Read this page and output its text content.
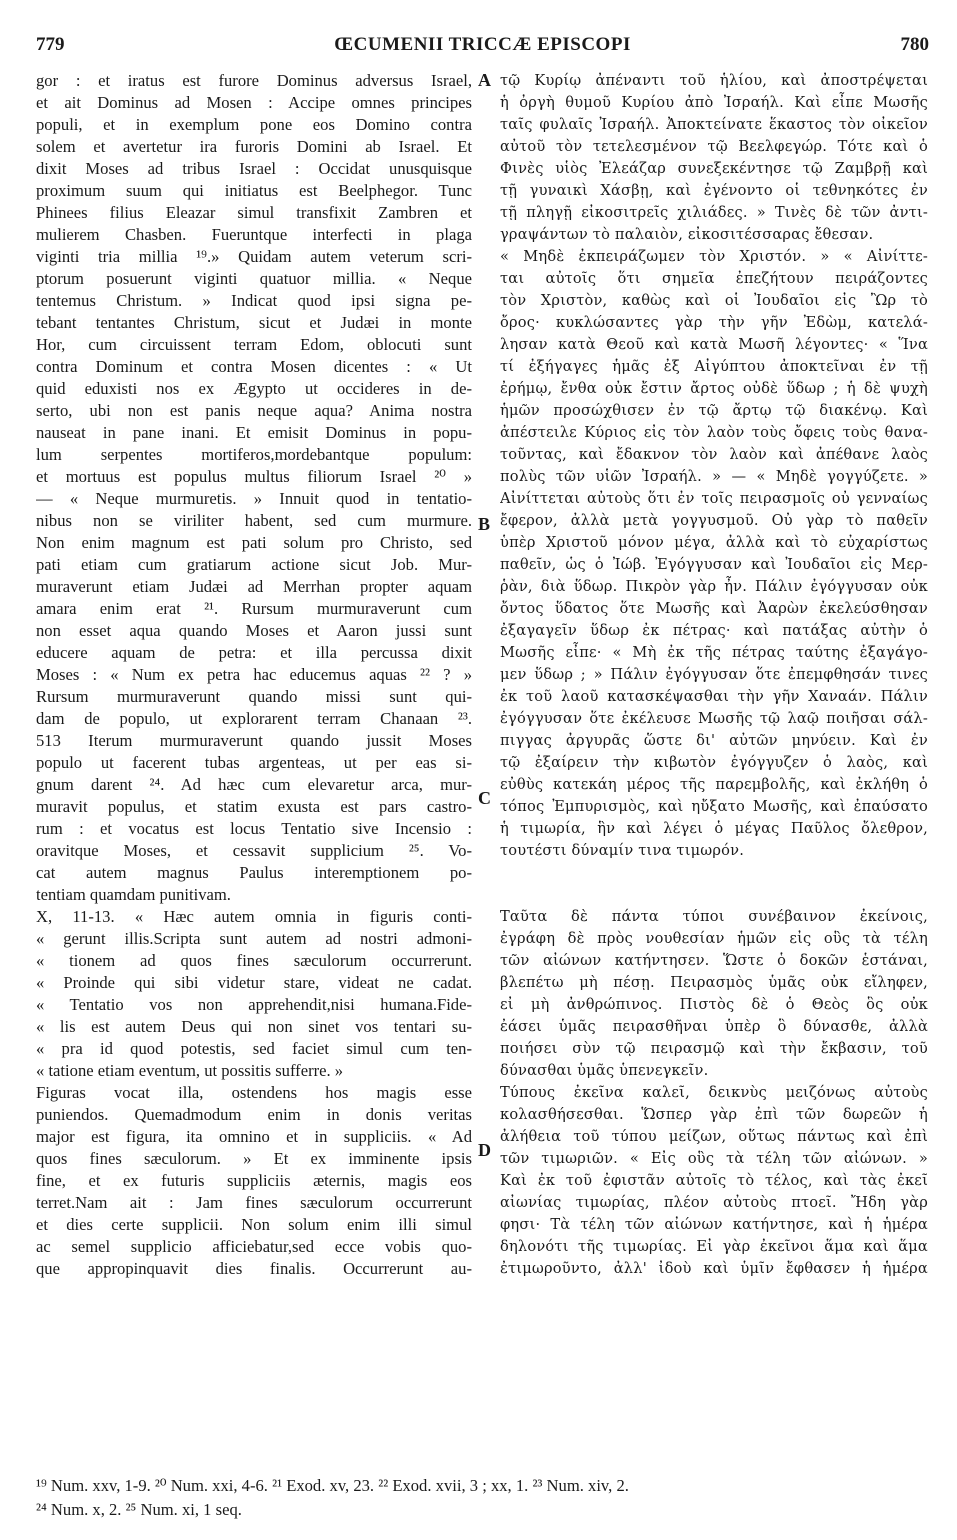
779	ŒCUMENII TRICCÆ EPISCOPI	780
gor : et iratus est furore Dominus adversus Israel,
et ait Dominus ad Mosen : Accipe omnes principes
populi, et in exemplum pone eos Domino contra
solem et avertetur ira furoris Domini ab Israel. Et
dixit Moses ad tribus Israel : Occidat unusquisque
proximum suum qui initiatus est Beelphegor. Tunc
Phinees filius Eleazar simul transfixit Zambren et
mulierem Chasben. Fueruntque interfecti in plaga
viginti tria millia ¹⁹.» Quidam autem veterum scri-
ptorum posuerunt viginti quatuor millia. « Neque
tentemus Christum. » Indicat quod ipsi signa pe-
tebant tentantes Christum, sicut et Judæi in monte
Hor, cum circuissent terram Edom, oblocuti sunt
contra Dominum et contra Mosen dicentes : « Ut
quid eduxisti nos ex Ægypto ut occideres in de-
serto, ubi non est panis neque aqua? Anima nostra
nauseat in pane inani. Et emisit Dominus in popu-
lum serpentes mortiferos,mordebantque populum:
et mortuus est populus multus filiorum Israel ²⁰ »
— « Neque murmuretis. » Innuit quod in tentatio-
nibus non se viriliter habent, sed cum murmure.
Non enim magnum est pati solum pro Christo, sed
pati etiam cum gratiarum actione sicut Job. Mur-
muraverunt etiam Judæi ad Merrhan propter aquam
amara enim erat ²¹. Rursum murmuraverunt cum
non esset aqua quando Moses et Aaron jussi sunt
educere aquam de petra: et illa percussa dixit
Moses : « Num ex petra hac educemus aquas ²² ? »
Rursum murmuraverunt quando missi sunt qui-
dam de populo, ut explorarent terram Chanaan ²³.
513 Iterum murmuraverunt quando jussit Moses
populo ut facerent tubas argenteas, ut per eas si-
gnum darent ²⁴. Ad hæc cum elevaretur arca, mur-
muravit populus, et statim exusta est pars castro-
rum : et vocatus est locus Tentatio sive Incensio :
oravitque Moses, et cessavit supplicium ²⁵. Vo-
cat autem magnus Paulus interemptionem po-
tentiam quamdam punitivam.
X, 11-13. « Hæc autem omnia in figuris conti-
« gerunt illis.Scripta sunt autem ad nostri admoni-
« tionem ad quos fines sæculorum occurrerunt.
« Proinde qui sibi videtur stare, videat ne cadat.
« Tentatio vos non apprehendit,nisi humana.Fide-
« lis est autem Deus qui non sinet vos tentari su-
« pra id quod potestis, sed faciet simul cum ten-
« tatione etiam eventum, ut possitis sufferre. »
Figuras vocat illa, ostendens hos magis esse
puniendos. Quemadmodum enim in donis veritas
major est figura, ita omnino et in suppliciis. « Ad
quos fines sæculorum. » Et ex imminente ipsis
fine, et ex futuris suppliciis æternis, magis eos
terret.Nam ait : Jam fines sæculorum occurrerunt
et dies certe supplicii. Non solum enim illi simul
ac semel supplicio afficiebatur,sed ecce vobis quo-
que appropinquavit dies finalis. Occurrerunt au-
τῷ Κυρίῳ ἀπέναντι τοῦ ἡλίου, καὶ ἀποστρέψεται
ἡ ὀργὴ θυμοῦ Κυρίου ἀπὸ Ἰσραήλ. Καὶ εἶπε Μωσῆς
ταῖς φυλαῖς Ἰσραήλ. Ἀποκτείνατε ἕκαστος τὸν οἰκεῖον
αὐτοῦ τὸν τετελεσμένον τῷ Βεελφεγώρ. Τότε καὶ ὁ
Φινὲς υἱὸς Ἐλεάζαρ συνεξεκέντησε τῷ Ζαμβρῇ καὶ
τῇ γυναικὶ Χάσβῃ, καὶ ἐγένοντο οἱ τεθνηκότες ἐν
τῇ πληγῇ εἰκοσιτρεῖς χιλιάδες. » Τινὲς δὲ τῶν ἀντι-
γραψάντων τὸ παλαιὸν, εἰκοσιτέσσαρας ἔθεσαν.
« Μηδὲ ἐκπειράζωμεν τὸν Χριστόν. » « Αἰνίττε-
ται αὐτοῖς ὅτι σημεῖα ἐπεζήτουν πειράζοντες
τὸν Χριστὸν, καθὼς καὶ οἱ Ἰουδαῖοι εἰς Ὢρ τὸ
ὄρος· κυκλώσαντες γὰρ τὴν γῆν Ἐδὼμ, κατελά-
λησαν κατὰ Θεοῦ καὶ κατὰ Μωσῆ λέγοντες· « Ἵνα
τί ἐξήγαγες ἡμᾶς ἐξ Αἰγύπτου ἀποκτεῖναι ἐν τῇ
ἐρήμῳ, ἔνθα οὐκ ἔστιν ἄρτος οὐδὲ ὕδωρ ; ἡ δὲ ψυχὴ
ἡμῶν προσώχθισεν ἐν τῷ ἄρτῳ τῷ διακένῳ. Καὶ
ἀπέστειλε Κύριος εἰς τὸν λαὸν τοὺς ὄφεις τοὺς θανα-
τοῦντας, καὶ ἔδακνον τὸν λαὸν καὶ ἀπέθανε λαὸς
πολὺς τῶν υἱῶν Ἰσραήλ. » — « Μηδὲ γογγύζετε. »
Αἰνίττεται αὐτοὺς ὅτι ἐν τοῖς πειρασμοῖς οὐ γενναίως
ἔφερον, ἀλλὰ μετὰ γογγυσμοῦ. Οὐ γὰρ τὸ παθεῖν
ὑπὲρ Χριστοῦ μόνον μέγα, ἀλλὰ καὶ τὸ εὐχαρίστως
παθεῖν, ὡς ὁ Ἰώβ. Ἐγόγγυσαν καὶ Ἰουδαῖοι εἰς Μερ-
ῥὰν, διὰ ὕδωρ. Πικρὸν γὰρ ἦν. Πάλιν ἐγόγγυσαν οὐκ
ὄντος ὕδατος ὅτε Μωσῆς καὶ Ἀαρὼν ἐκελεύσθησαν
ἐξαγαγεῖν ὕδωρ ἐκ πέτρας· καὶ πατάξας αὐτὴν ὁ
Μωσῆς εἶπε· « Μὴ ἐκ τῆς πέτρας ταύτης ἐξαγάγο-
μεν ὕδωρ ; » Πάλιν ἐγόγγυσαν ὅτε ἐπεμφθησάν τινες
ἐκ τοῦ λαοῦ κατασκέψασθαι τὴν γῆν Χαναάν. Πάλιν
ἐγόγγυσαν ὅτε ἐκέλευσε Μωσῆς τῷ λαῷ ποιῆσαι σάλ-
πιγγας ἀργυρᾶς ὥστε δι' αὐτῶν μηνύειν. Καὶ ἐν
τῷ ἐξαίρειν τὴν κιβωτὸν ἐγόγγυζεν ὁ λαὸς, καὶ
εὐθὺς κατεκάη μέρος τῆς παρεμβολῆς, καὶ ἐκλήθη ὁ
τόπος Ἐμπυρισμὸς, καὶ ηὔξατο Μωσῆς, καὶ ἐπαύσατο
ἡ τιμωρία, ἣν καὶ λέγει ὁ μέγας Παῦλος ὄλεθρον,
τουτέστι δύναμίν τινα τιμωρόν.
Ταῦτα δὲ πάντα τύποι συνέβαινον ἐκείνοις,
ἐγράφη δὲ πρὸς νουθεσίαν ἡμῶν εἰς οὓς τὰ τέλη
τῶν αἰώνων κατήντησεν. Ὥστε ὁ δοκῶν ἑστάναι,
βλεπέτω μὴ πέσῃ. Πειρασμὸς ὑμᾶς οὐκ εἴληφεν,
εἰ μὴ ἀνθρώπινος. Πιστὸς δὲ ὁ Θεὸς ὃς οὐκ
ἐάσει ὑμᾶς πειρασθῆναι ὑπὲρ ὃ δύνασθε, ἀλλὰ
ποιήσει σὺν τῷ πειρασμῷ καὶ τὴν ἔκβασιν, τοῦ
δύνασθαι ὑμᾶς ὑπενεγκεῖν.
Τύπους ἐκεῖνα καλεῖ, δεικνὺς μειζόνως αὐτοὺς
κολασθήσεσθαι. Ὥσπερ γὰρ ἐπὶ τῶν δωρεῶν ἡ
ἀλήθεια τοῦ τύπου μείζων, οὕτως πάντως καὶ ἐπὶ
τῶν τιμωριῶν. « Εἰς οὓς τὰ τέλη τῶν αἰώνων. »
Καὶ ἐκ τοῦ ἐφιστᾶν αὐτοῖς τὸ τέλος, καὶ τὰς ἐκεῖ
αἰωνίας τιμωρίας, πλέον αὐτοὺς πτοεῖ. Ἤδη γὰρ
φησι· Τὰ τέλη τῶν αἰώνων κατήντησε, καὶ ἡ ἡμέρα
δηλονότι τῆς τιμωρίας. Εἰ γὰρ ἐκεῖνοι ἅμα καὶ ἅμα
ἐτιμωροῦντο, ἀλλ' ἰδοὺ καὶ ὑμῖν ἔφθασεν ἡ ἡμέρα
A
B
C
D
¹⁹ Num. xxv, 1-9. ²⁰ Num. xxi, 4-6. ²¹ Exod. xv, 23. ²² Exod. xvii, 3 ; xx, 1. ²³ Num. xiv, 2.
²⁴ Num. x, 2. ²⁵ Num. xi, 1 seq.
